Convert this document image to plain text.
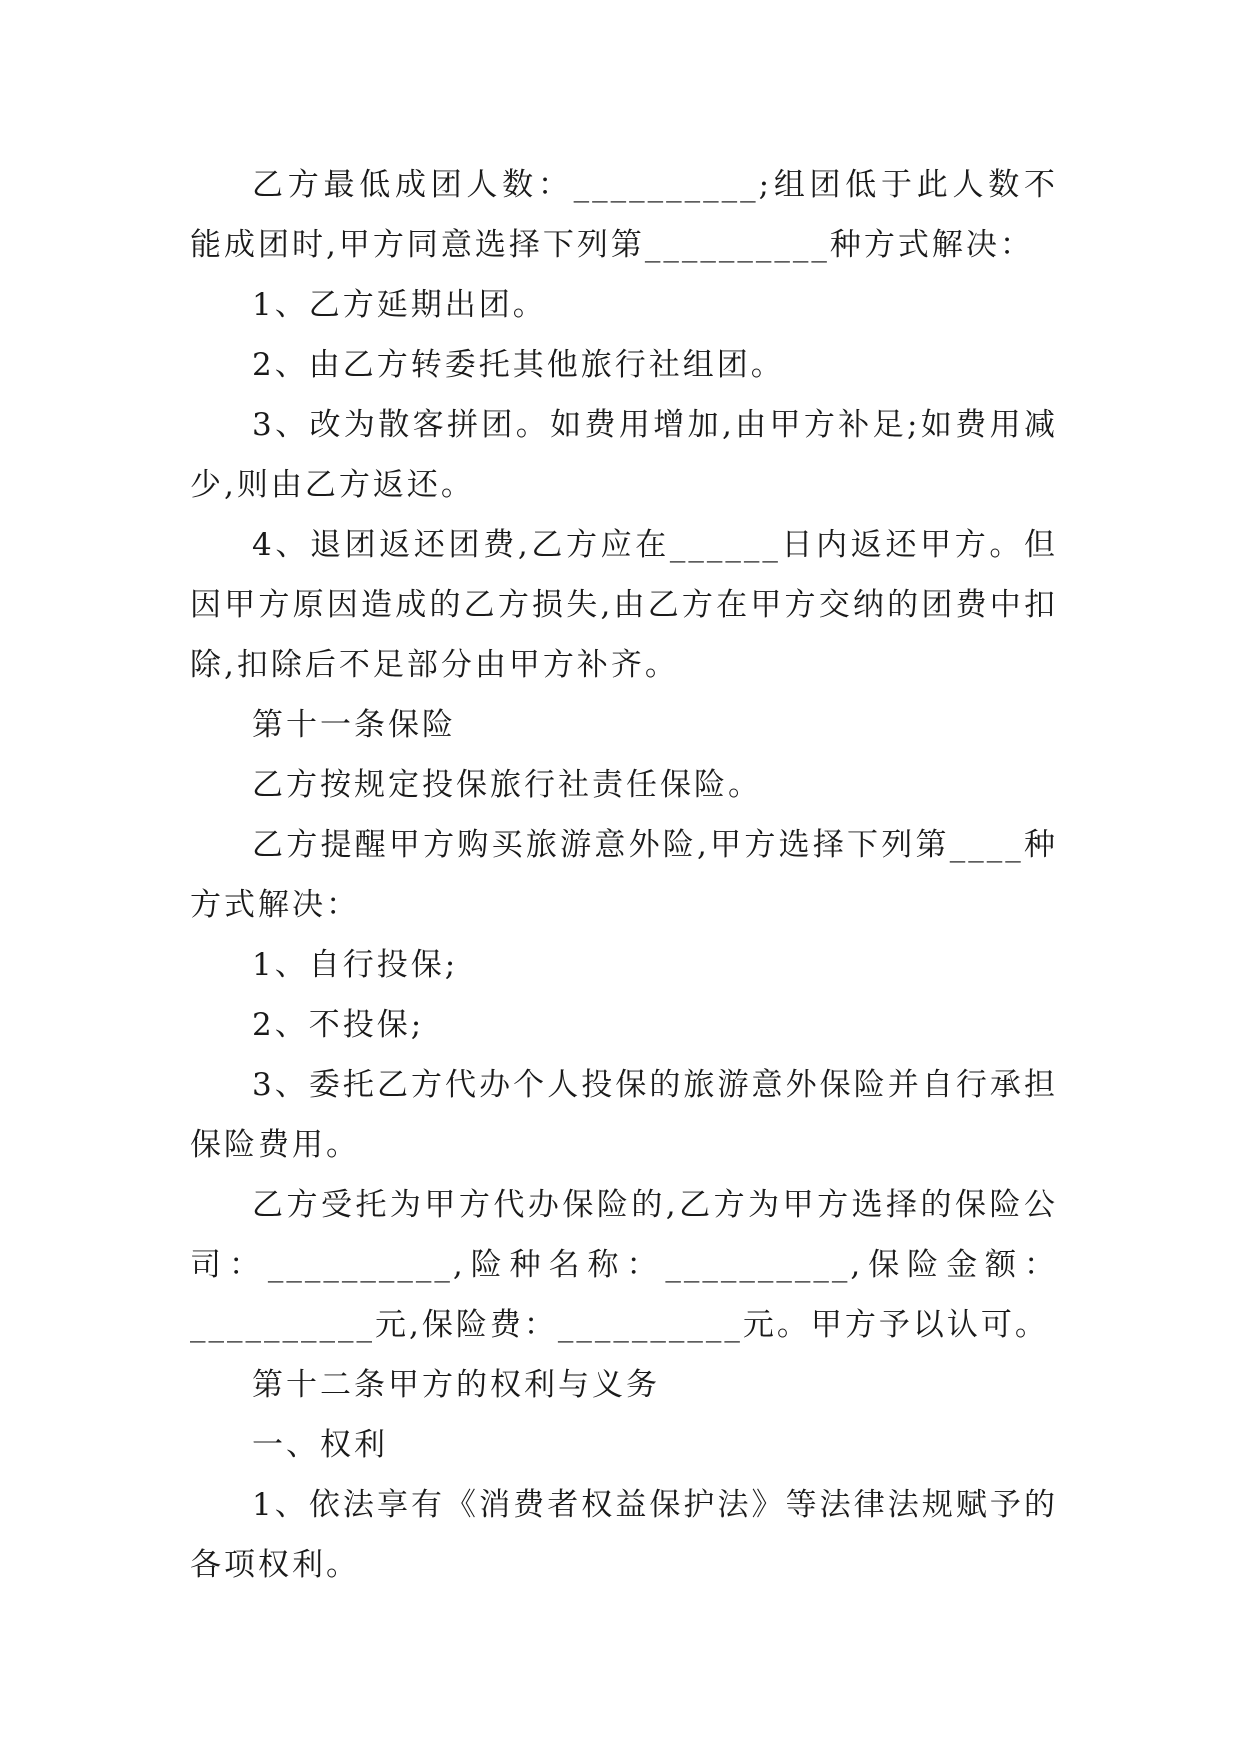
乙方最低成团人数：__________;组团低于此人数不能成团时,甲方同意选择下列第__________种方式解决：

1、乙方延期出团。

2、由乙方转委托其他旅行社组团。

3、改为散客拼团。如费用增加,由甲方补足;如费用减少,则由乙方返还。

4、退团返还团费,乙方应在______日内返还甲方。但因甲方原因造成的乙方损失,由乙方在甲方交纳的团费中扣除,扣除后不足部分由甲方补齐。

第十一条保险

乙方按规定投保旅行社责任保险。

乙方提醒甲方购买旅游意外险,甲方选择下列第____种方式解决：

1、自行投保;

2、不投保;

3、委托乙方代办个人投保的旅游意外保险并自行承担保险费用。

乙方受托为甲方代办保险的,乙方为甲方选择的保险公司：__________,险种名称：__________,保险金额：__________元,保险费：__________元。甲方予以认可。

第十二条甲方的权利与义务

一、权利

1、依法享有《消费者权益保护法》等法律法规赋予的各项权利。
